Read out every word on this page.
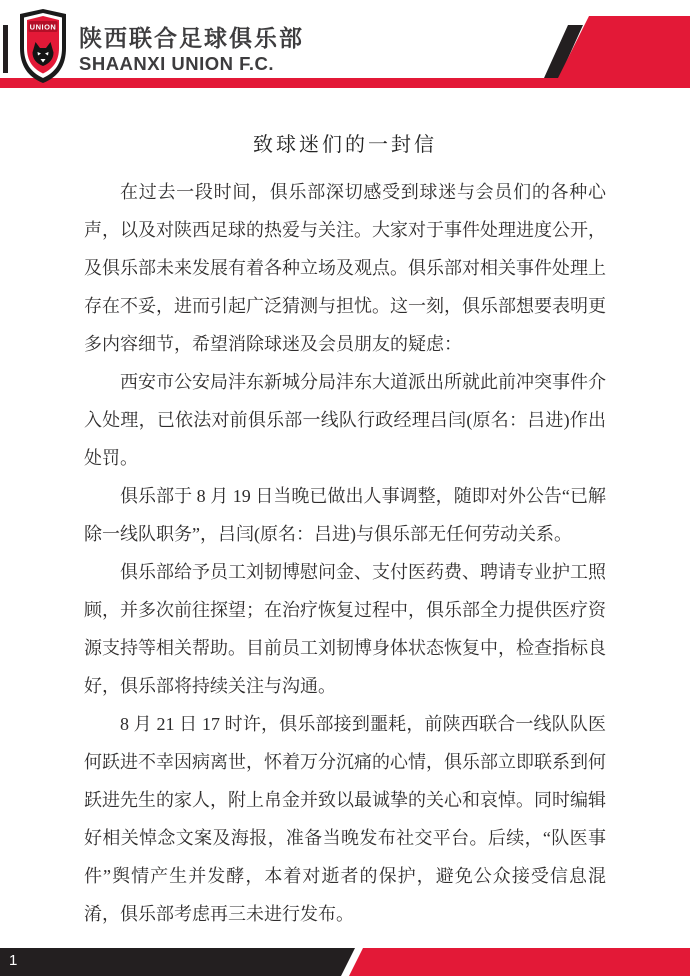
UNION 陕西联合足球俱乐部
SHAANXI UNION F.C.
致球迷们的一封信

在过去一段时间，俱乐部深切感受到球迷与会员们的各种心声，以及对陕西足球的热爱与关注。大家对于事件处理进度公开，及俱乐部未来发展有着各种立场及观点。俱乐部对相关事件处理上存在不妥，进而引起广泛猜测与担忧。这一刻，俱乐部想要表明更多内容细节，希望消除球迷及会员朋友的疑虑：

西安市公安局沣东新城分局沣东大道派出所就此前冲突事件介入处理，已依法对前俱乐部一线队行政经理吕闫(原名：吕进)作出处罚。

俱乐部于 8 月 19 日当晚已做出人事调整，随即对外公告“已解除一线队职务”，吕闫(原名：吕进)与俱乐部无任何劳动关系。

俱乐部给予员工刘韧博慰问金、支付医药费、聘请专业护工照顾，并多次前往探望；在治疗恢复过程中，俱乐部全力提供医疗资源支持等相关帮助。目前员工刘韧博身体状态恢复中，检查指标良好，俱乐部将持续关注与沟通。

8 月 21 日 17 时许，俱乐部接到噩耗，前陕西联合一线队队医何跃进不幸因病离世，怀着万分沉痛的心情，俱乐部立即联系到何跃进先生的家人，附上帛金并致以最诚挚的关心和哀悼。同时编辑好相关悼念文案及海报，准备当晚发布社交平台。后续，“队医事件”舆情产生并发酵，本着对逝者的保护，避免公众接受信息混淆，俱乐部考虑再三未进行发布。

1
